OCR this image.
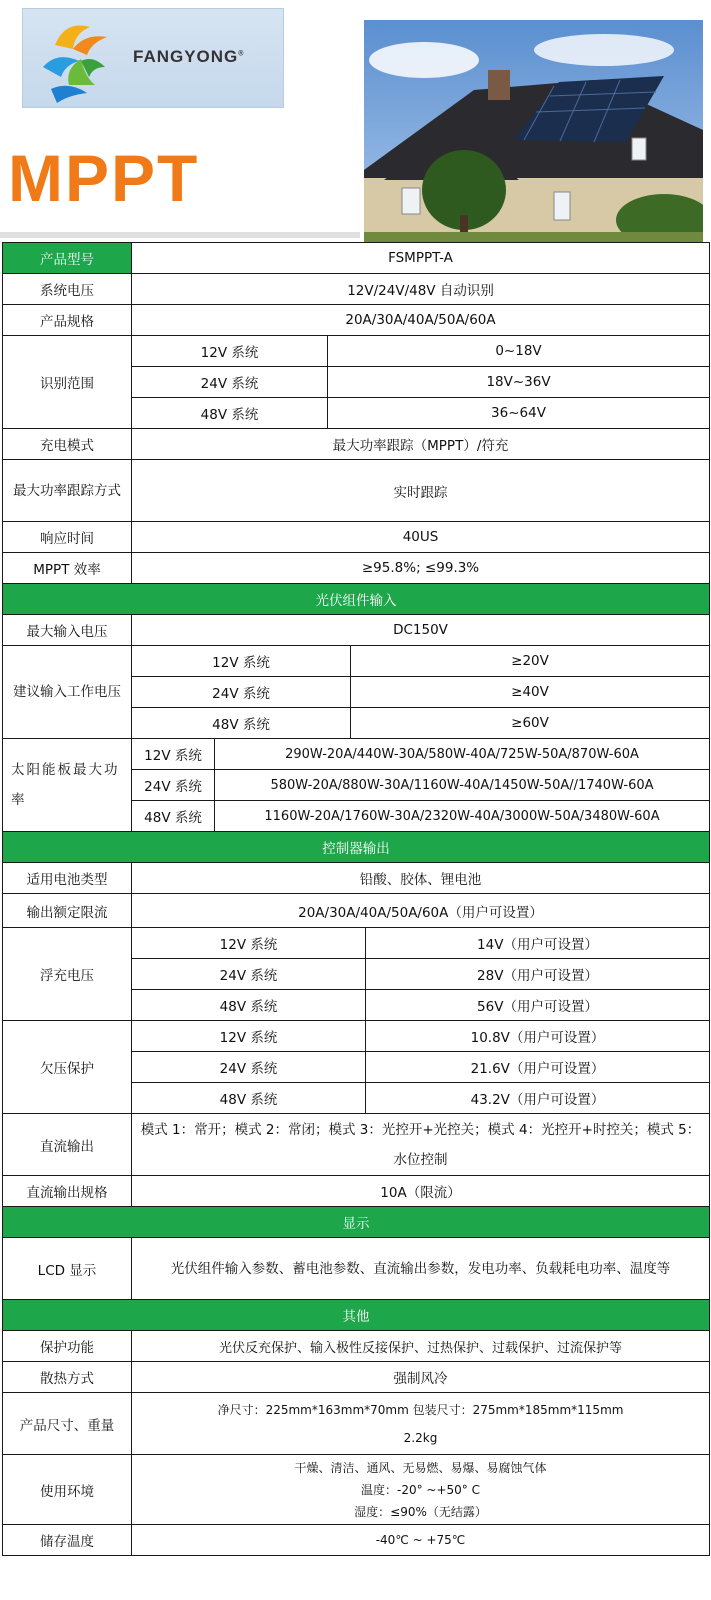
FANGYONG®
MPPT
产品型号	FSMPPT-A				
系统电压	12V/24V/48V 自动识别				
产品规格	20A/30A/40A/50A/60A				
识别范围	12V 系统		0~18V		
	24V 系统		18V~36V		
	48V 系统		36~64V		
充电模式	最大功率跟踪（MPPT）/符充				
最大功率跟踪方式	实时跟踪				
响应时间	40US				
MPPT 效率	≥95.8%; ≤99.3%				
光伏组件输入					
最大输入电压	DC150V				
建议输入工作电压	12V 系统			≥20V	
	24V 系统			≥40V	
	48V 系统			≥60V	
太阳能板最大功率	12V 系统	290W-20A/440W-30A/580W-40A/725W-50A/870W-60A			
	24V 系统	580W-20A/880W-30A/1160W-40A/1450W-50A//1740W-60A			
	48V 系统	1160W-20A/1760W-30A/2320W-40A/3000W-50A/3480W-60A			
控制器输出					
适用电池类型	铅酸、胶体、锂电池				
输出额定限流	20A/30A/40A/50A/60A（用户可设置）				
浮充电压	12V 系统				14V（用户可设置）
	24V 系统				28V（用户可设置）
	48V 系统				56V（用户可设置）
欠压保护	12V 系统				10.8V（用户可设置）
	24V 系统				21.6V（用户可设置）
	48V 系统				43.2V（用户可设置）
直流输出	模式 1：常开；模式 2：常闭；模式 3：光控开+光控关；模式 4：光控开+时控关；模式 5：水位控制				
直流输出规格	10A（限流）				
显示					
LCD 显示	光伏组件输入参数、蓄电池参数、直流输出参数，发电功率、负载耗电功率、温度等				
其他					
保护功能	光伏反充保护、输入极性反接保护、过热保护、过载保护、过流保护等				
散热方式	强制风冷				
产品尺寸、重量	净尺寸：225mm*163mm*70mm 包装尺寸：275mm*185mm*115mm
2.2kg				

使用环境	干燥、清洁、通风、无易燃、易爆、易腐蚀气体
温度：-20° ~+50° C
湿度：≤90%（无结露）				

储存温度	-40℃ ~ +75℃				
